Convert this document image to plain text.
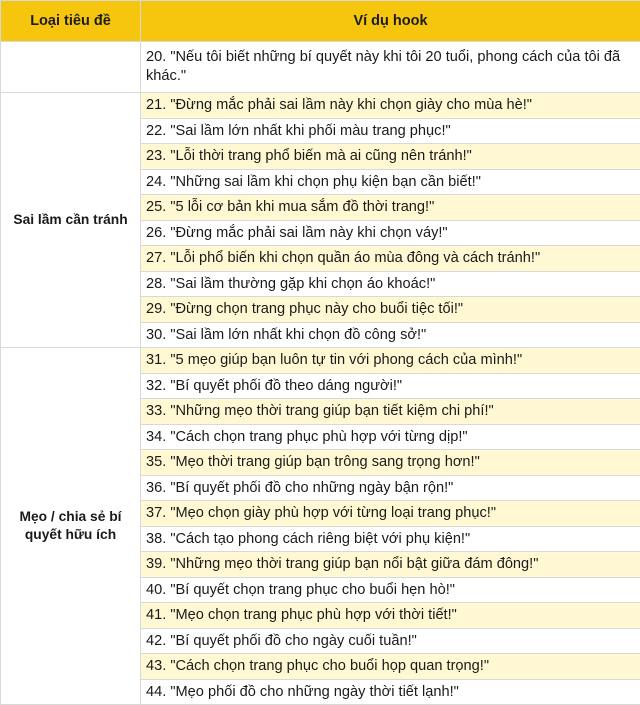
Loại tiêu đề	Ví dụ hook
	20. "Nếu tôi biết những bí quyết này khi tôi 20 tuổi, phong cách của tôi đã khác."
Sai lầm cần tránh	21. "Đừng mắc phải sai lầm này khi chọn giày cho mùa hè!"
	22. "Sai lầm lớn nhất khi phối màu trang phục!"
	23. "Lỗi thời trang phổ biến mà ai cũng nên tránh!"
	24. "Những sai lầm khi chọn phụ kiện bạn cần biết!"
	25. "5 lỗi cơ bản khi mua sắm đồ thời trang!"
	26. "Đừng mắc phải sai lầm này khi chọn váy!"
	27. "Lỗi phổ biến khi chọn quần áo mùa đông và cách tránh!"
	28. "Sai lầm thường gặp khi chọn áo khoác!"
	29. "Đừng chọn trang phục này cho buổi tiệc tối!"
	30. "Sai lầm lớn nhất khi chọn đồ công sở!"
Mẹo / chia sẻ bí quyết hữu ích	31. "5 mẹo giúp bạn luôn tự tin với phong cách của mình!"
	32. "Bí quyết phối đồ theo dáng người!"
	33. "Những mẹo thời trang giúp bạn tiết kiệm chi phí!"
	34. "Cách chọn trang phục phù hợp với từng dịp!"
	35. "Mẹo thời trang giúp bạn trông sang trọng hơn!"
	36. "Bí quyết phối đồ cho những ngày bận rộn!"
	37. "Mẹo chọn giày phù hợp với từng loại trang phục!"
	38. "Cách tạo phong cách riêng biệt với phụ kiện!"
	39. "Những mẹo thời trang giúp bạn nổi bật giữa đám đông!"
	40. "Bí quyết chọn trang phục cho buổi hẹn hò!"
	41. "Mẹo chọn trang phục phù hợp với thời tiết!"
	42. "Bí quyết phối đồ cho ngày cuối tuần!"
	43. "Cách chọn trang phục cho buổi họp quan trọng!"
	44. "Mẹo phối đồ cho những ngày thời tiết lạnh!"
